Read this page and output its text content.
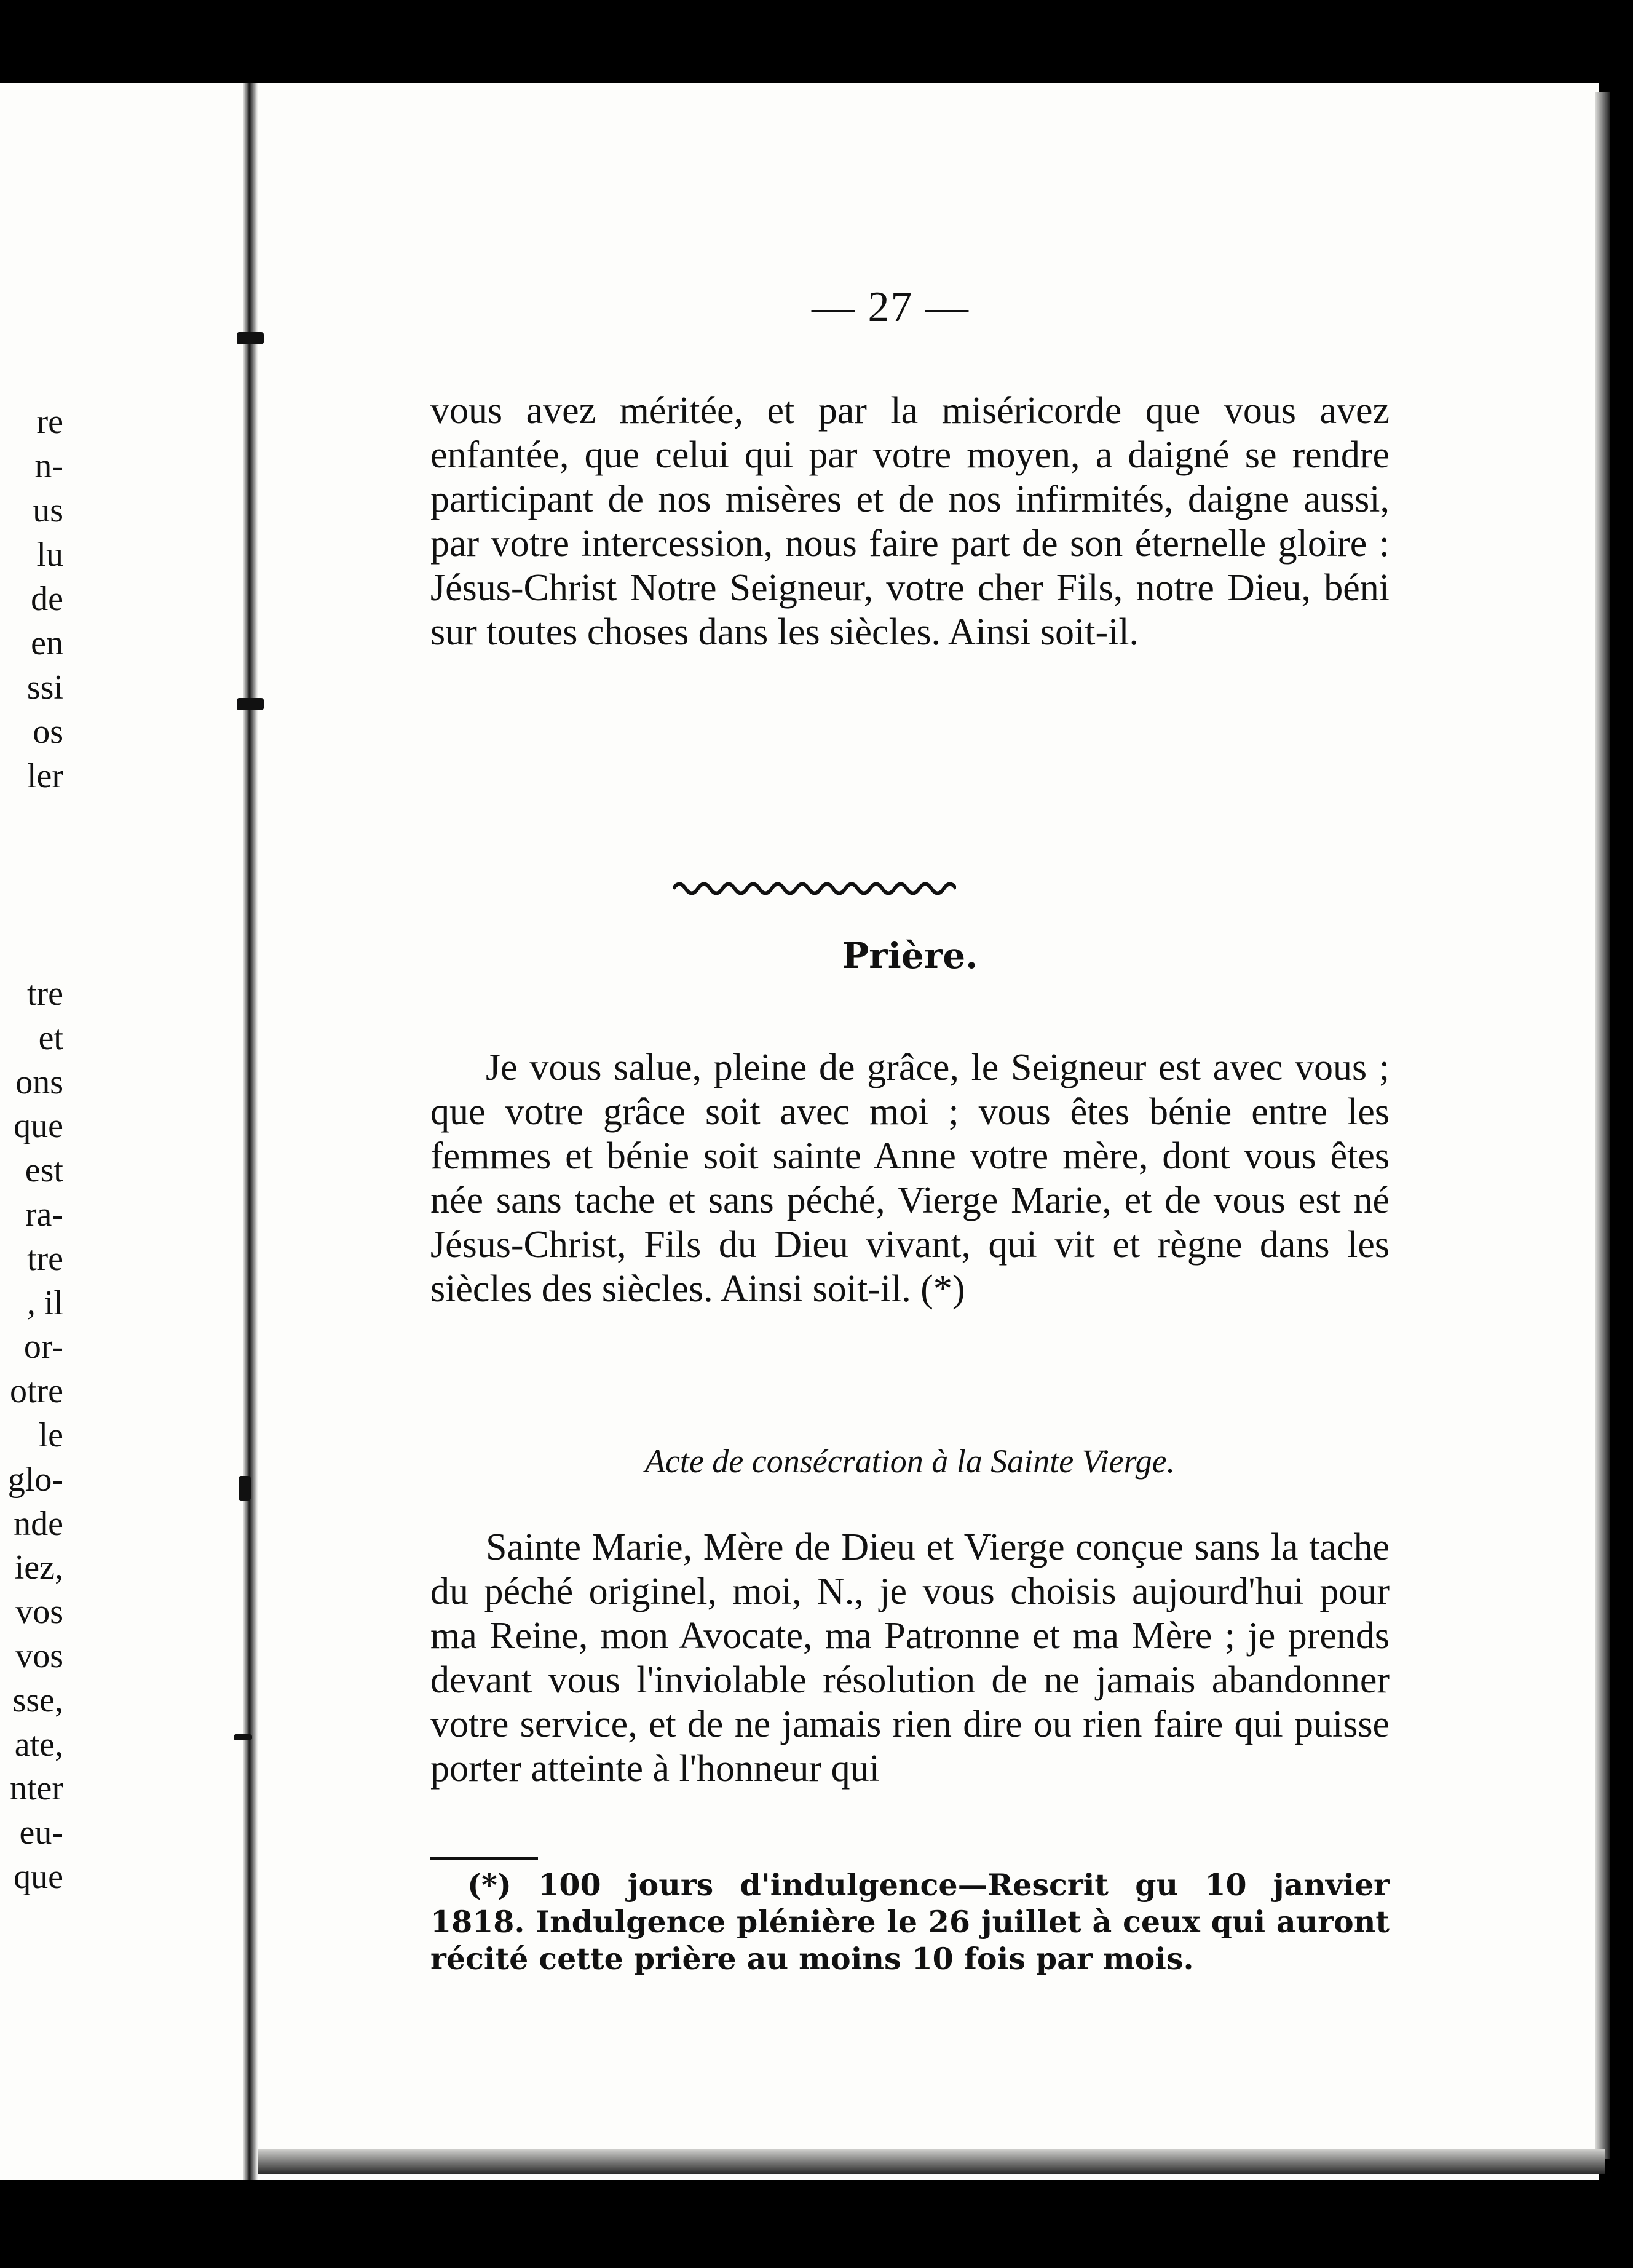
re
n-
us
lu
de
en
ssi
os
ler
tre
et
ons
que
est
ra-
tre
, il
or-
otre
le
glo-
nde
iez,
vos
vos
sse,
ate,
nter
eu-
que
— 27 —
vous avez méritée, et par la miséricorde que vous avez enfantée, que celui qui par votre moyen, a daigné se rendre participant de nos misères et de nos infirmités, daigne aussi, par votre intercession, nous faire part de son éternelle gloire : Jésus-Christ Notre Seigneur, votre cher Fils, notre Dieu, béni sur toutes choses dans les siècles. Ainsi soit-il.
Prière.
Je vous salue, pleine de grâce, le Seigneur est avec vous ; que votre grâce soit avec moi ; vous êtes bénie entre les femmes et bénie soit sainte Anne votre mère, dont vous êtes née sans tache et sans péché, Vierge Marie, et de vous est né Jésus-Christ, Fils du Dieu vivant, qui vit et règne dans les siècles des siècles. Ainsi soit-il. (*)
Acte de consécration à la Sainte Vierge.
Sainte Marie, Mère de Dieu et Vierge conçue sans la tache du péché originel, moi, N., je vous choisis aujourd'hui pour ma Reine, mon Avocate, ma Patronne et ma Mère ; je prends devant vous l'inviolable résolution de ne jamais abandonner votre service, et de ne jamais rien dire ou rien faire qui puisse porter atteinte à l'honneur qui
(*) 100 jours d'indulgence—Rescrit gu 10 janvier 1818. Indulgence plénière le 26 juillet à ceux qui auront récité cette prière au moins 10 fois par mois.
